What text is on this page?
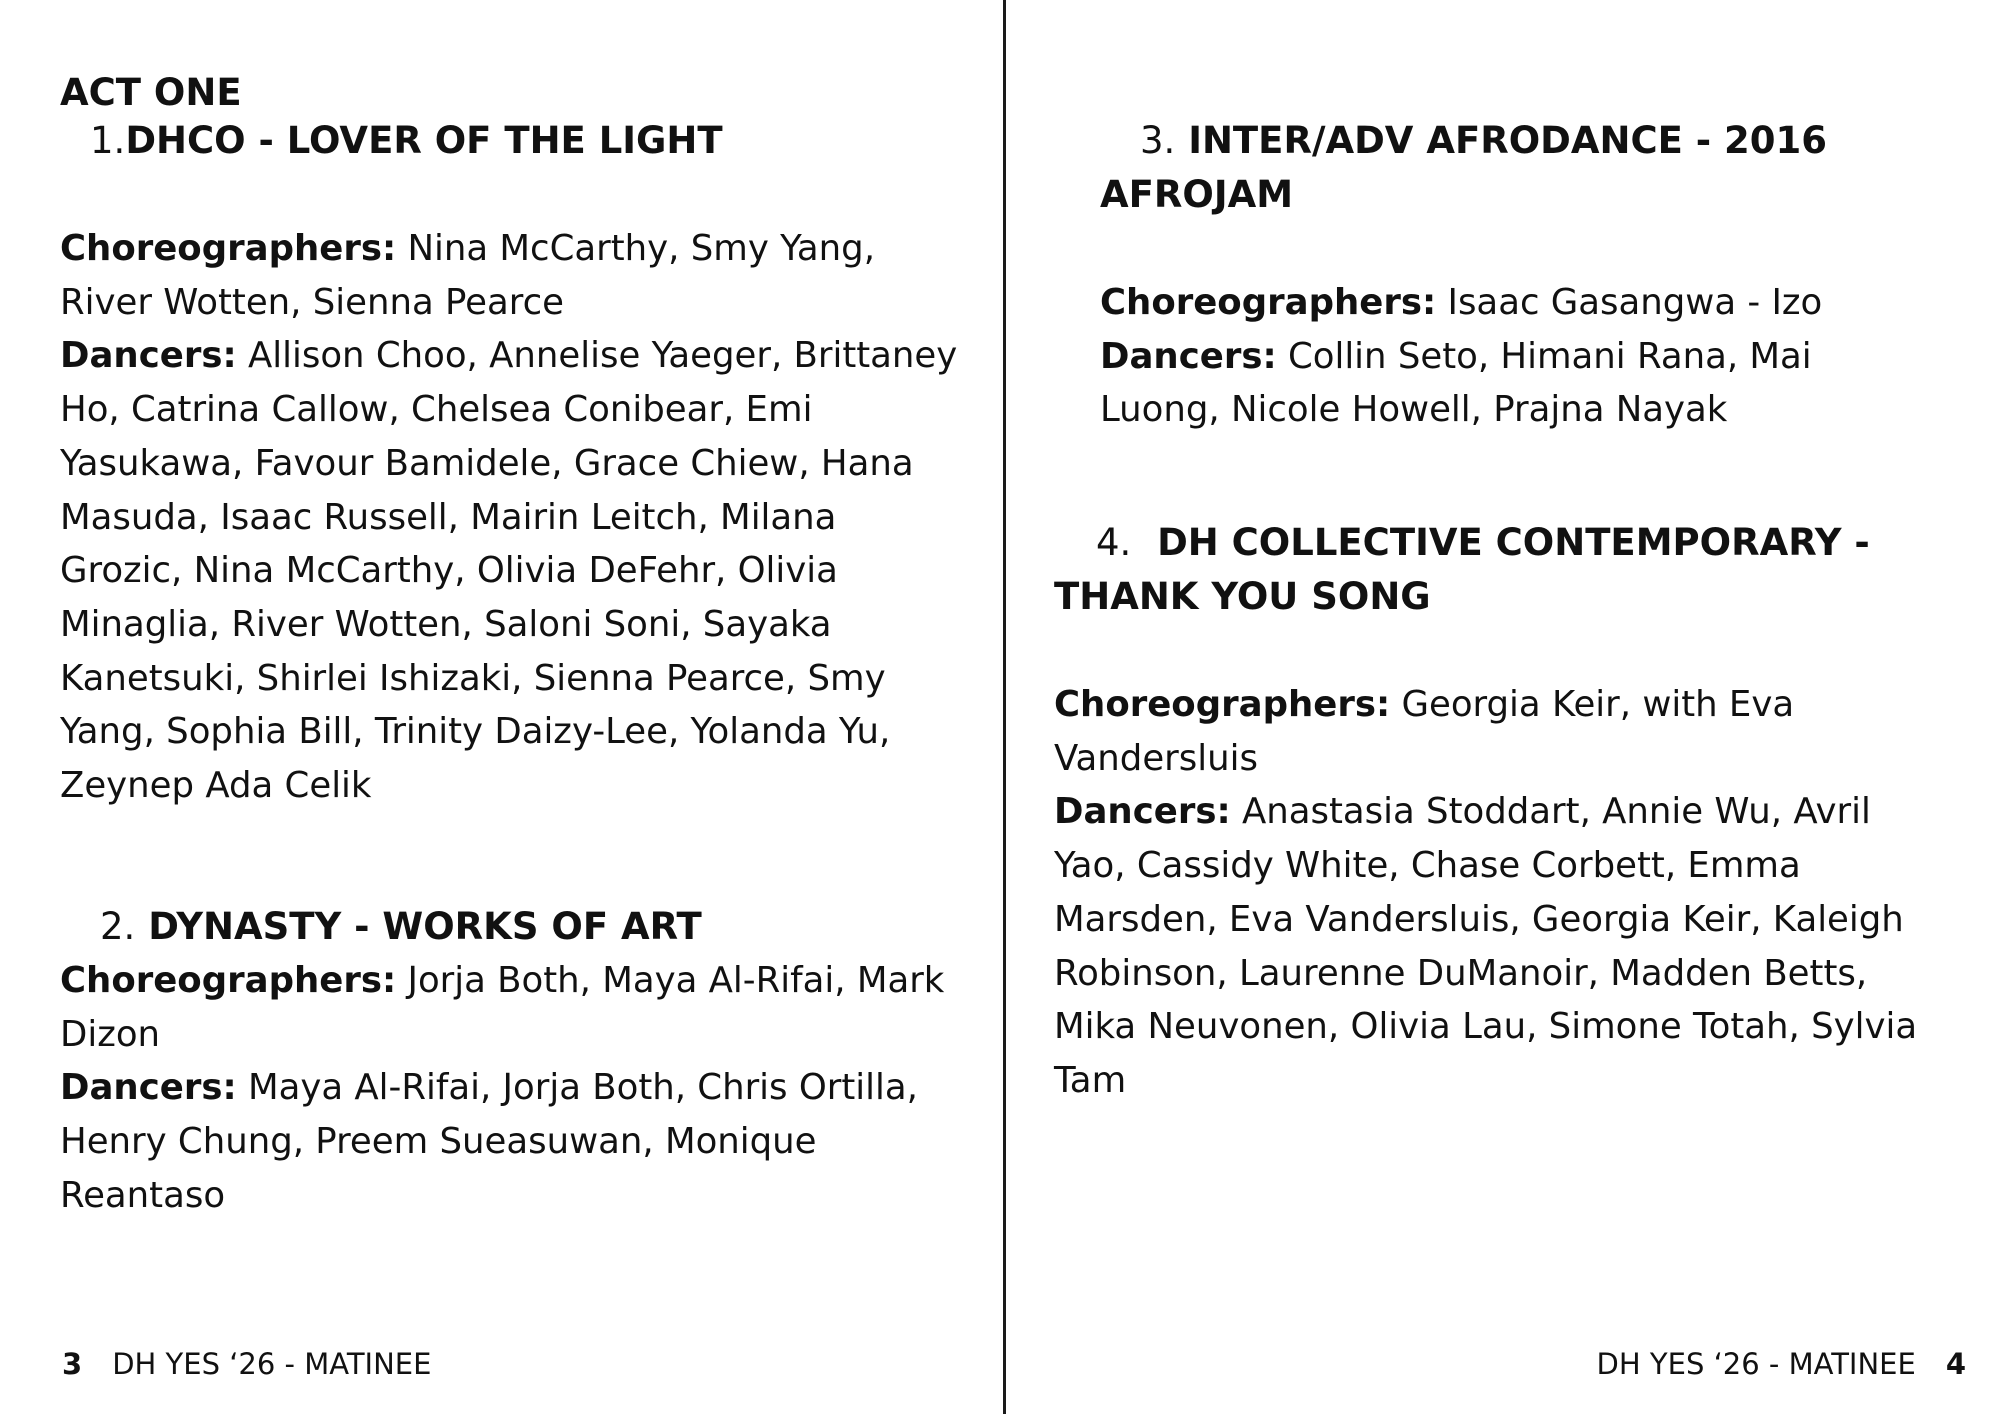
ACT ONE
1.DHCO - LOVER OF THE LIGHT

Choreographers: Nina McCarthy, Smy Yang, River Wotten, Sienna Pearce

Dancers: Allison Choo, Annelise Yaeger, Brittaney Ho, Catrina Callow, Chelsea Conibear, Emi Yasukawa, Favour Bamidele, Grace Chiew, Hana Masuda, Isaac Russell, Mairin Leitch, Milana Grozic, Nina McCarthy, Olivia DeFehr, Olivia Minaglia, River Wotten, Saloni Soni, Sayaka Kanetsuki, Shirlei Ishizaki, Sienna Pearce, Smy Yang, Sophia Bill, Trinity Daizy-Lee, Yolanda Yu, Zeynep Ada Celik

2. DYNASTY - WORKS OF ART

Choreographers: Jorja Both, Maya Al-Rifai, Mark Dizon

Dancers: Maya Al-Rifai, Jorja Both, Chris Ortilla, Henry Chung, Preem Sueasuwan, Monique Reantaso

3 DH YES ‘26 - MATINEE
3. INTER/ADV AFRODANCE - 2016 AFROJAM

Choreographers: Isaac Gasangwa - Izo

Dancers: Collin Seto, Himani Rana, Mai Luong, Nicole Howell, Prajna Nayak

4. DH COLLECTIVE CONTEMPORARY - THANK YOU SONG

Choreographers: Georgia Keir, with Eva Vandersluis

Dancers: Anastasia Stoddart, Annie Wu, Avril Yao, Cassidy White, Chase Corbett, Emma Marsden, Eva Vandersluis, Georgia Keir, Kaleigh Robinson, Laurenne DuManoir, Madden Betts, Mika Neuvonen, Olivia Lau, Simone Totah, Sylvia Tam

DH YES ‘26 - MATINEE 4
